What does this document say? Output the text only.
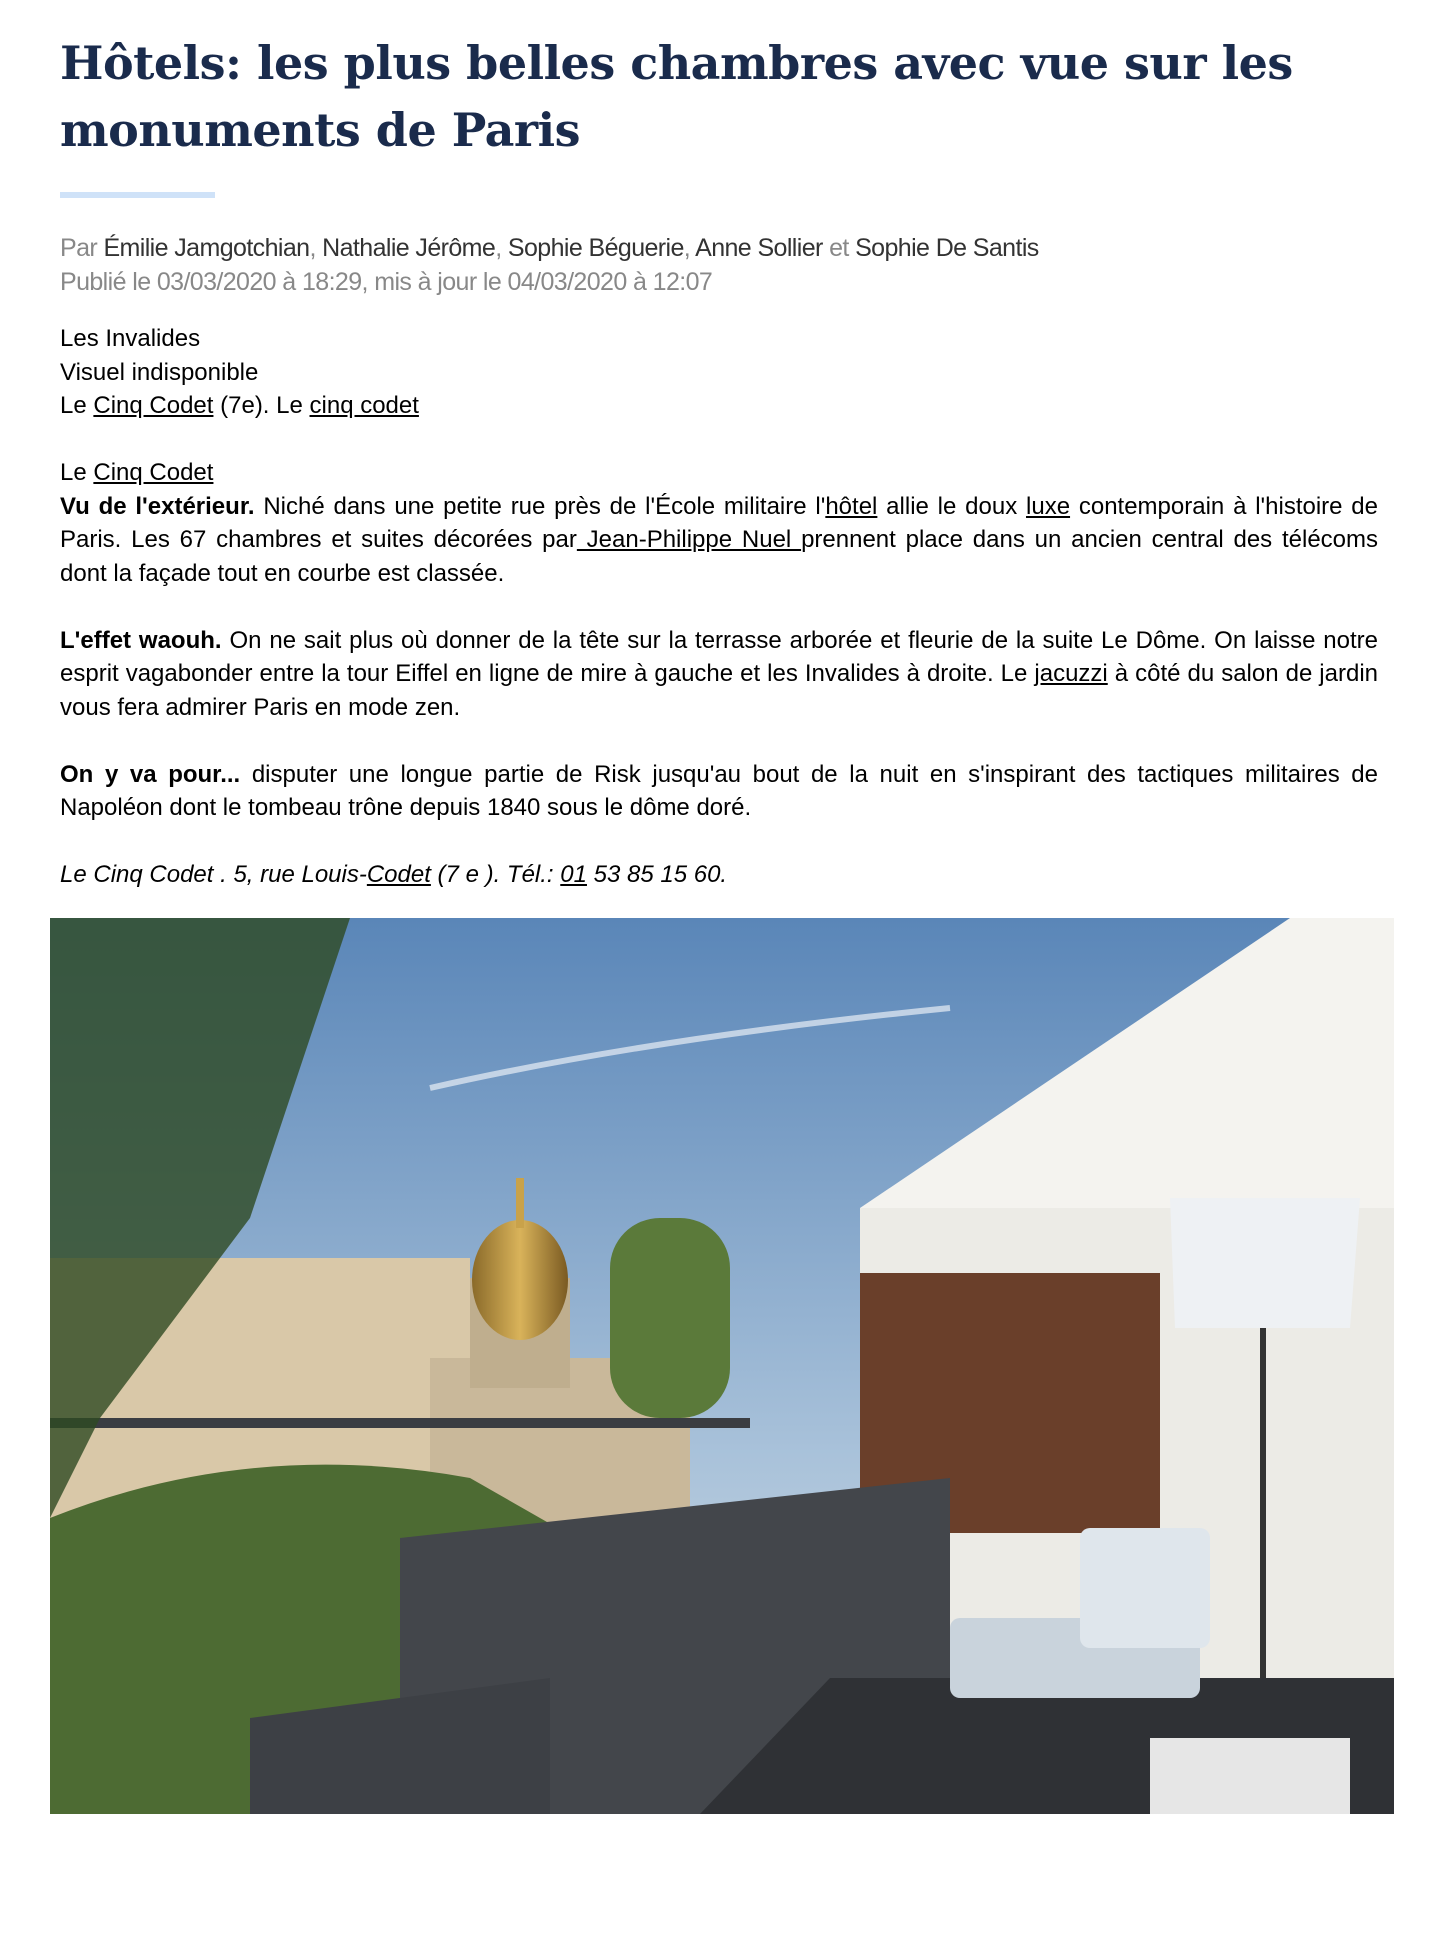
Hôtels: les plus belles chambres avec vue sur les monuments de Paris
Par Émilie Jamgotchian, Nathalie Jérôme, Sophie Béguerie, Anne Sollier et Sophie De Santis
Publié le 03/03/2020 à 18:29, mis à jour le 04/03/2020 à 12:07

Les Invalides

Visuel indisponible

Le Cinq Codet (7e). Le cinq codet

Le Cinq Codet

Vu de l'extérieur. Niché dans une petite rue près de l'École militaire l'hôtel allie le doux luxe contemporain à l'histoire de Paris. Les 67 chambres et suites décorées par Jean-Philippe Nuel prennent place dans un ancien central des télécoms dont la façade tout en courbe est classée.

L'effet waouh. On ne sait plus où donner de la tête sur la terrasse arborée et fleurie de la suite Le Dôme. On laisse notre esprit vagabonder entre la tour Eiffel en ligne de mire à gauche et les Invalides à droite. Le jacuzzi à côté du salon de jardin vous fera admirer Paris en mode zen.

On y va pour... disputer une longue partie de Risk jusqu'au bout de la nuit en s'inspirant des tactiques militaires de Napoléon dont le tombeau trône depuis 1840 sous le dôme doré.

Le Cinq Codet . 5, rue Louis-Codet (7 e ). Tél.: 01 53 85 15 60.
